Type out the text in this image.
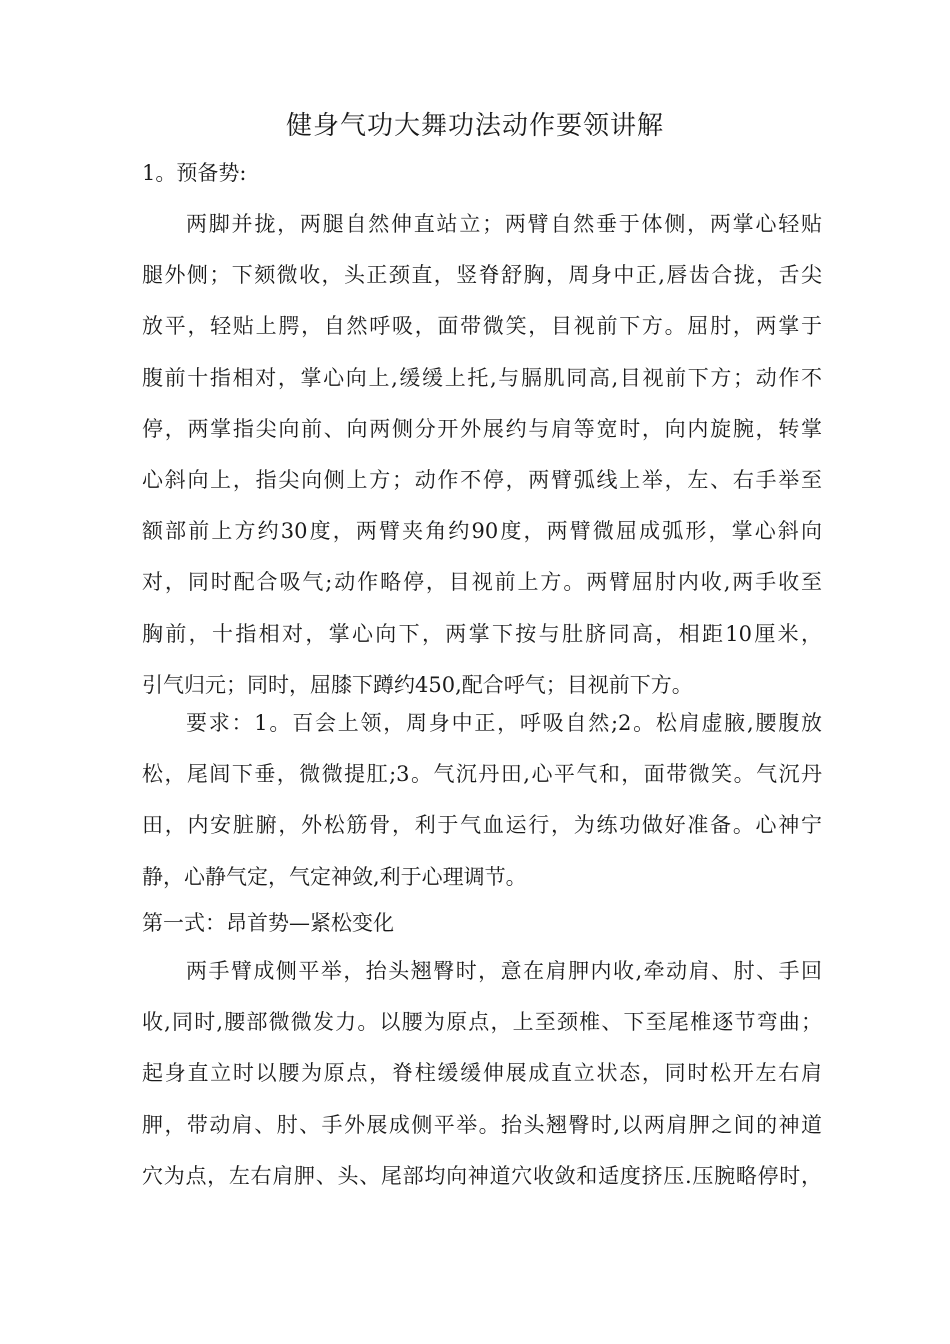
健身气功大舞功法动作要领讲解
1。预备势:
两脚并拢，两腿自然伸直站立；两臂自然垂于体侧，两掌心轻贴
腿外侧；下颏微收，头正颈直，竖脊舒胸，周身中正,唇齿合拢，舌尖
放平，轻贴上腭，自然呼吸，面带微笑，目视前下方。屈肘，两掌于
腹前十指相对，掌心向上,缓缓上托,与膈肌同高,目视前下方；动作不
停，两掌指尖向前、向两侧分开外展约与肩等宽时，向内旋腕，转掌
心斜向上，指尖向侧上方；动作不停，两臂弧线上举，左、右手举至
额部前上方约30度，两臂夹角约90度，两臂微屈成弧形，掌心斜向
对，同时配合吸气;动作略停，目视前上方。两臂屈肘内收,两手收至
胸前，十指相对，掌心向下，两掌下按与肚脐同高，相距10厘米，
引气归元；同时，屈膝下蹲约450,配合呼气；目视前下方。
要求：1。百会上领，周身中正，呼吸自然;2。松肩虚腋,腰腹放
松，尾闾下垂，微微提肛;3。气沉丹田,心平气和，面带微笑。气沉丹
田，内安脏腑，外松筋骨，利于气血运行，为练功做好准备。心神宁
静，心静气定，气定神敛,利于心理调节。
第一式：昂首势—紧松变化
两手臂成侧平举，抬头翘臀时，意在肩胛内收,牵动肩、肘、手回
收,同时,腰部微微发力。以腰为原点，上至颈椎、下至尾椎逐节弯曲；
起身直立时以腰为原点，脊柱缓缓伸展成直立状态，同时松开左右肩
胛，带动肩、肘、手外展成侧平举。抬头翘臀时,以两肩胛之间的神道
穴为点，左右肩胛、头、尾部均向神道穴收敛和适度挤压.压腕略停时，
